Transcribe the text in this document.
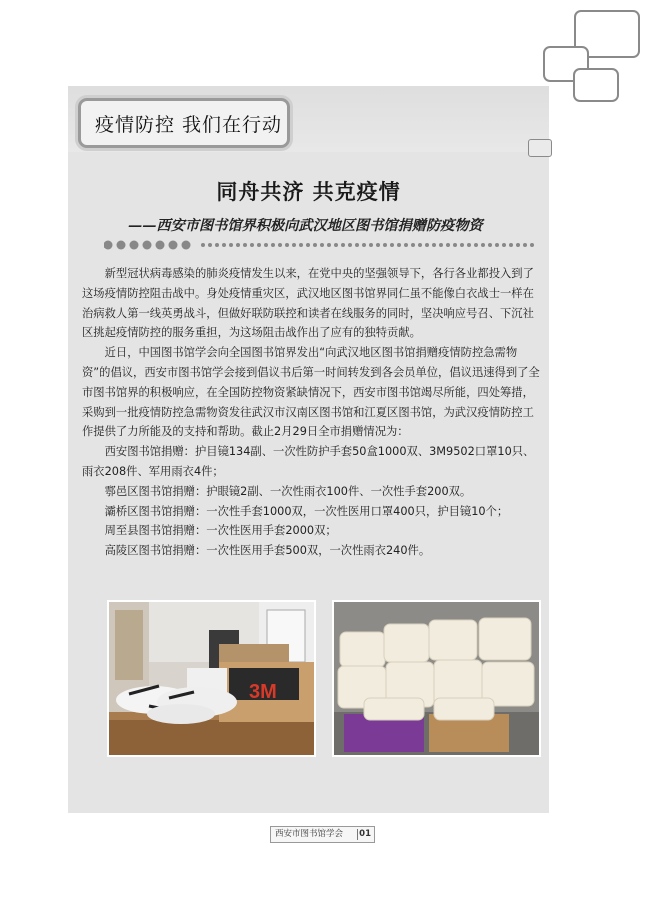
疫情防控 我们在行动
同舟共济 共克疫情
——西安市图书馆界积极向武汉地区图书馆捐赠防疫物资

新型冠状病毒感染的肺炎疫情发生以来，在党中央的坚强领导下，各行各业都投入到了这场疫情防控阻击战中。身处疫情重灾区，武汉地区图书馆界同仁虽不能像白衣战士一样在治病救人第一线英勇战斗，但做好联防联控和读者在线服务的同时，坚决响应号召、下沉社区挑起疫情防控的服务重担，为这场阻击战作出了应有的独特贡献。

近日，中国图书馆学会向全国图书馆界发出“向武汉地区图书馆捐赠疫情防控急需物资”的倡议，西安市图书馆学会接到倡议书后第一时间转发到各会员单位，倡议迅速得到了全市图书馆界的积极响应，在全国防控物资紧缺情况下，西安市图书馆竭尽所能，四处筹措，采购到一批疫情防控急需物资发往武汉市汉南区图书馆和江夏区图书馆，为武汉疫情防控工作提供了力所能及的支持和帮助。截止2月29日全市捐赠情况为：

西安图书馆捐赠：护目镜134副、一次性防护手套50盒1000双、3M9502口罩10只、雨衣208件、军用雨衣4件；

鄠邑区图书馆捐赠：护眼镜2副、一次性雨衣100件、一次性手套200双。

灞桥区图书馆捐赠：一次性手套1000双，一次性医用口罩400只，护目镜10个；

周至县图书馆捐赠：一次性医用手套2000双；

高陵区图书馆捐赠：一次性医用手套500双，一次性雨衣240件。

3M
西安市图书馆学会 01
